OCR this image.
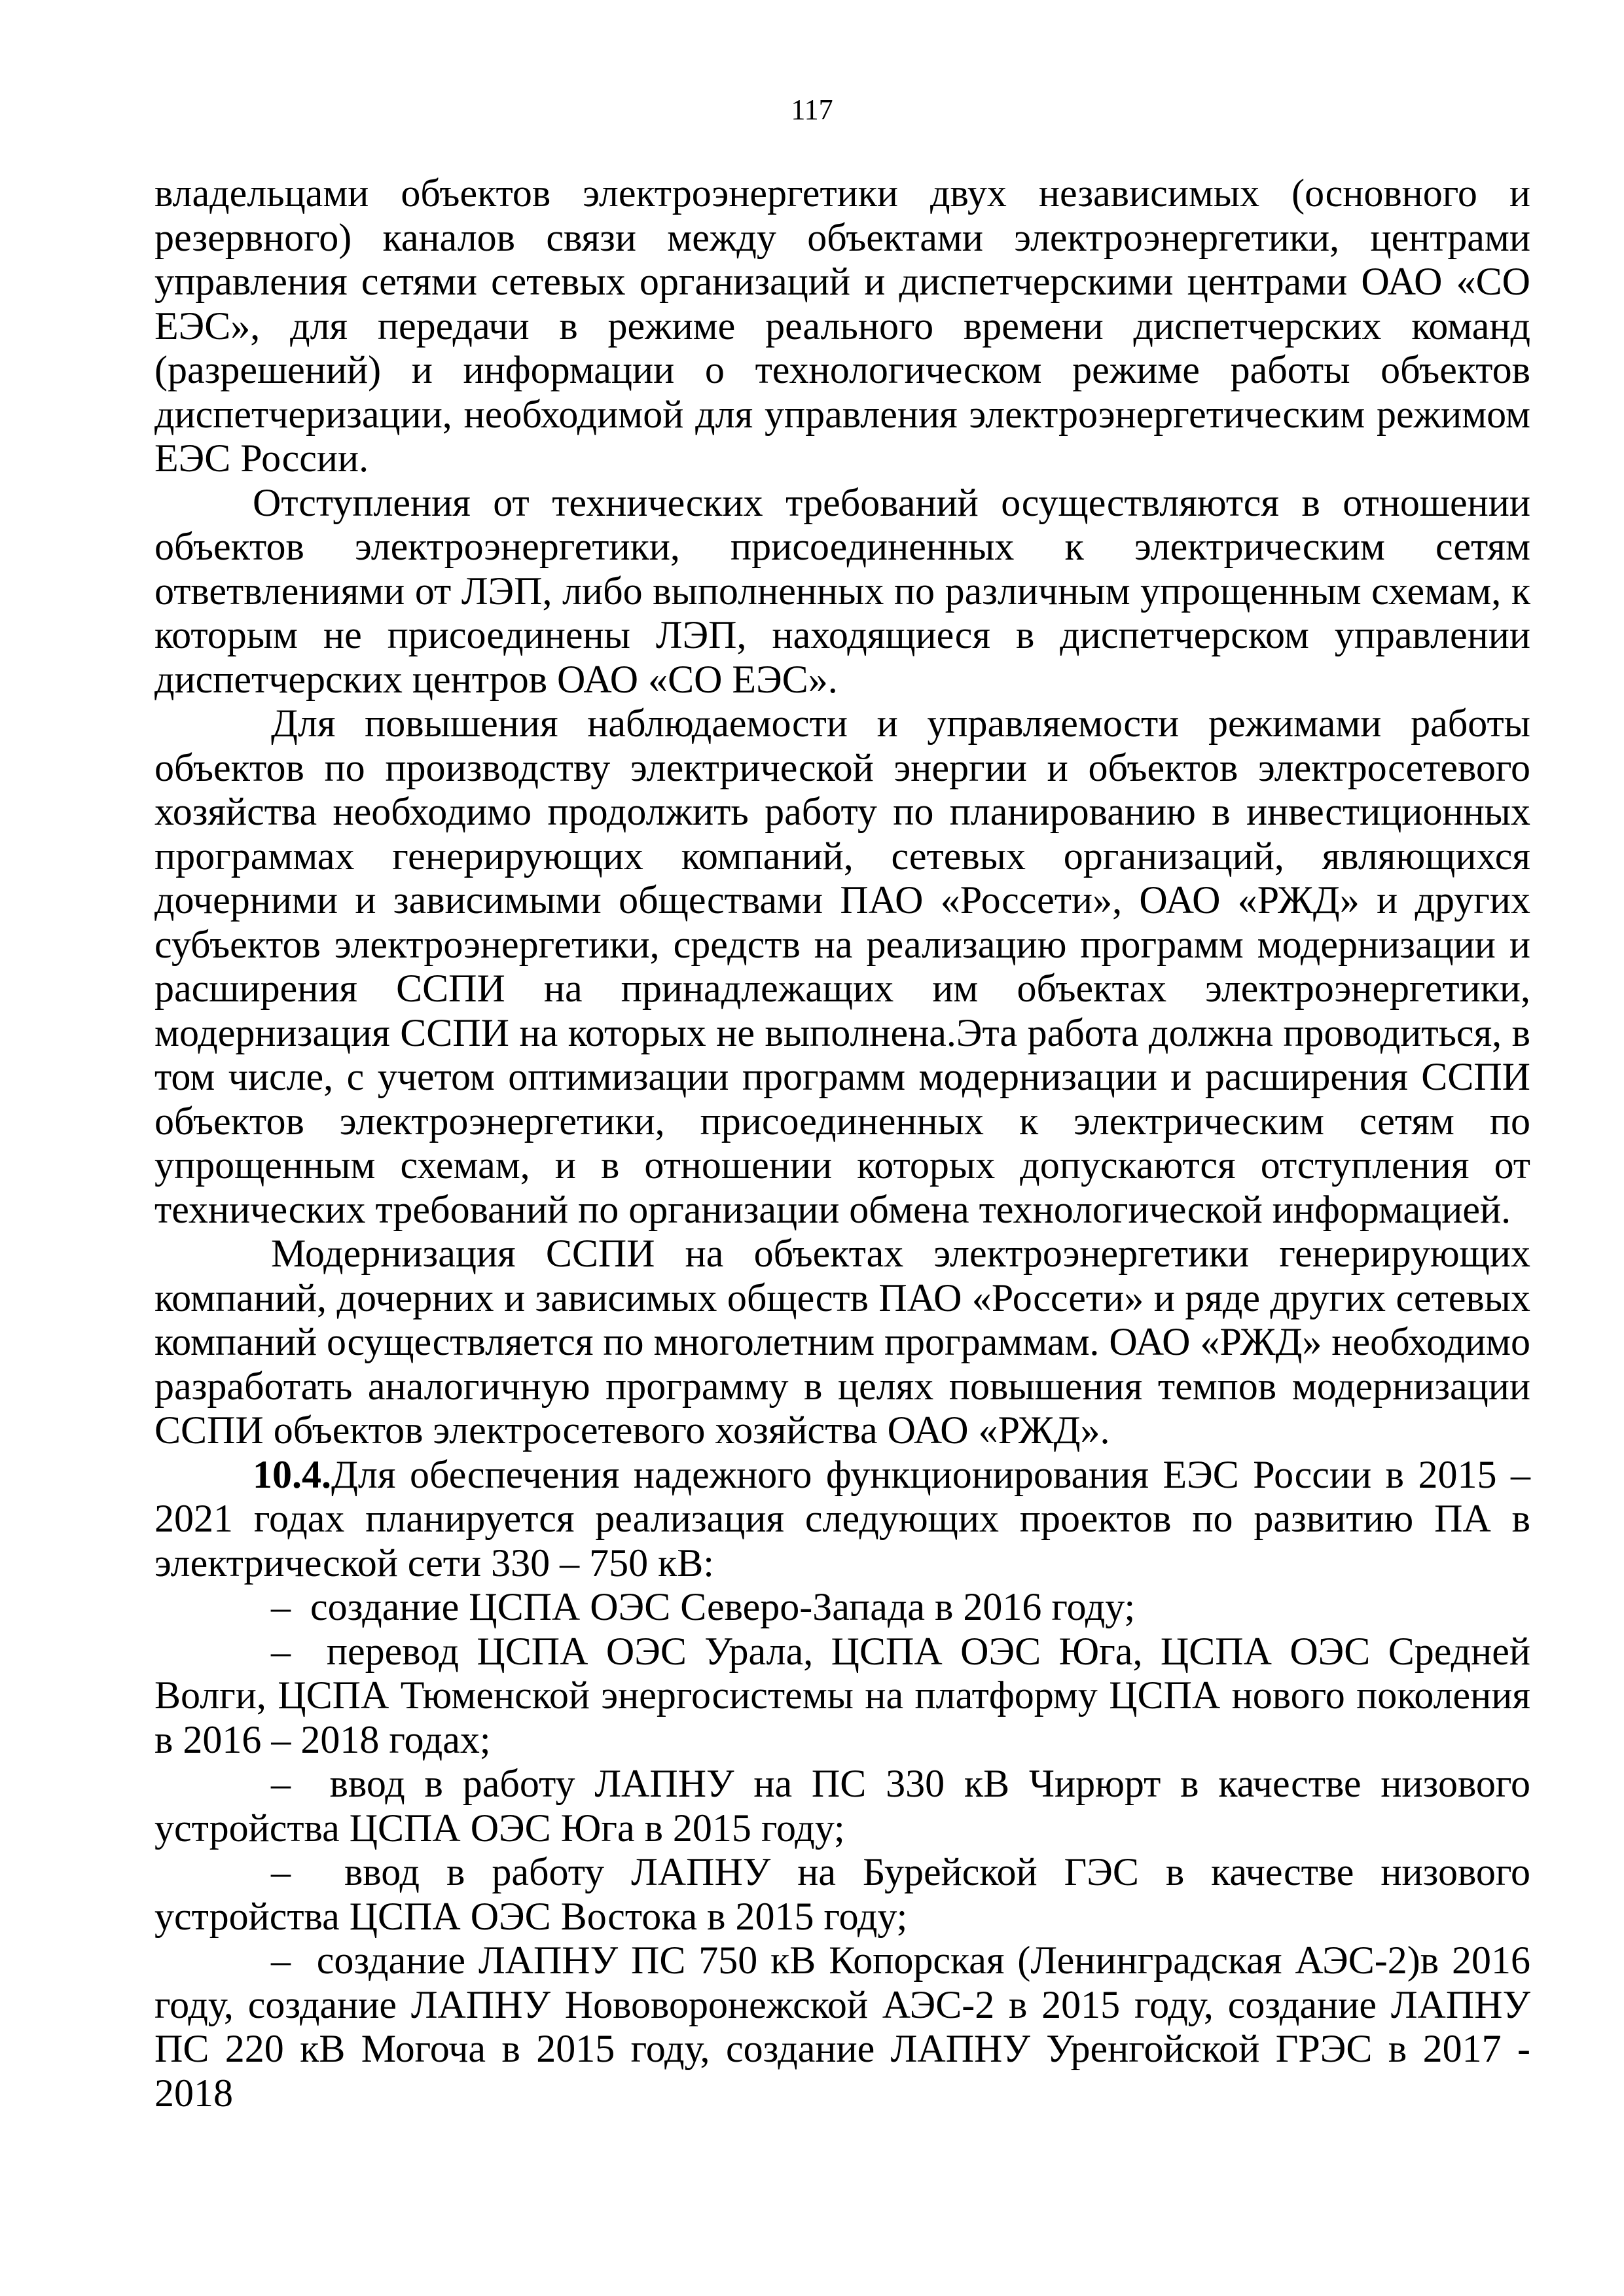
117

владельцами объектов электроэнергетики двух независимых (основного и резервного) каналов связи между объектами электроэнергетики, центрами управления сетями сетевых организаций и диспетчерскими центрами ОАО «СО ЕЭС», для передачи в режиме реального времени диспетчерских команд (разрешений) и информации о технологическом режиме работы объектов диспетчеризации, необходимой для управления электроэнергетическим режимом ЕЭС России.

Отступления от технических требований осуществляются в отношении объектов электроэнергетики, присоединенных к электрическим сетям ответвлениями от ЛЭП, либо выполненных по различным упрощенным схемам, к которым не присоединены ЛЭП, находящиеся в диспетчерском управлении диспетчерских центров ОАО «СО ЕЭС».

Для повышения наблюдаемости и управляемости режимами работы объектов по производству электрической энергии и объектов электросетевого хозяйства необходимо продолжить работу по планированию в инвестиционных программах генерирующих компаний, сетевых организаций, являющихся дочерними и зависимыми обществами ПАО «Россети», ОАО «РЖД» и других субъектов электроэнергетики, средств на реализацию программ модернизации и расширения ССПИ на принадлежащих им объектах электроэнергетики, модернизация ССПИ на которых не выполнена.Эта работа должна проводиться, в том числе, с учетом оптимизации программ модернизации и расширения ССПИ объектов электроэнергетики, присоединенных к электрическим сетям по упрощенным схемам, и в отношении которых допускаются отступления от технических требований по организации обмена технологической информацией.

Модернизация ССПИ на объектах электроэнергетики генерирующих компаний, дочерних и зависимых обществ ПАО «Россети» и ряде других сетевых компаний осуществляется по многолетним программам. ОАО «РЖД» необходимо разработать аналогичную программу в целях повышения темпов модернизации ССПИ объектов электросетевого хозяйства ОАО «РЖД».

10.4.Для обеспечения надежного функционирования ЕЭС России в 2015 – 2021 годах планируется реализация следующих проектов по развитию ПА в электрической сети 330 – 750 кВ:

–  создание ЦСПА ОЭС Северо-Запада в 2016 году;

–  перевод ЦСПА ОЭС Урала, ЦСПА ОЭС Юга, ЦСПА ОЭС Средней Волги, ЦСПА Тюменской энергосистемы на платформу ЦСПА нового поколения в 2016 – 2018 годах;

–  ввод в работу ЛАПНУ на ПС 330 кВ Чирюрт в качестве низового устройства ЦСПА ОЭС Юга в 2015 году;

–  ввод в работу ЛАПНУ на Бурейской ГЭС в качестве низового устройства ЦСПА ОЭС Востока в 2015 году;

–  создание ЛАПНУ ПС 750 кВ Копорская (Ленинградская АЭС-2)в 2016 году, создание ЛАПНУ Нововоронежской АЭС-2 в 2015 году, создание ЛАПНУ ПС 220 кВ Могоча в 2015 году, создание ЛАПНУ Уренгойской ГРЭС в 2017 - 2018
